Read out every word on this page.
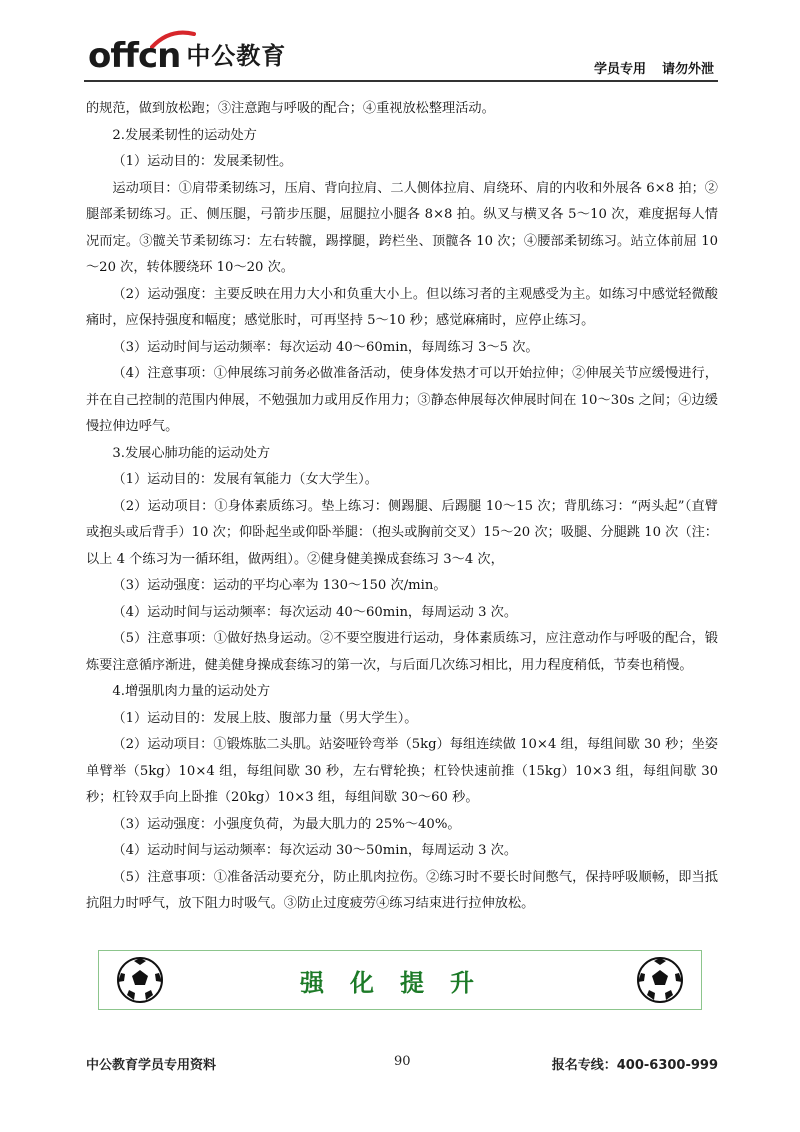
offcn 中公教育	学员专用 请勿外泄

的规范，做到放松跑；③注意跑与呼吸的配合；④重视放松整理活动。

2.发展柔韧性的运动处方

（1）运动目的：发展柔韧性。

运动项目：①肩带柔韧练习，压肩、背向拉肩、二人侧体拉肩、肩绕环、肩的内收和外展各 6×8 拍；②腿部柔韧练习。正、侧压腿，弓箭步压腿，屈腿拉小腿各 8×8 拍。纵叉与横叉各 5～10 次，难度据每人情况而定。③髋关节柔韧练习：左右转髋，踢撑腿，跨栏坐、顶髋各 10 次；④腰部柔韧练习。站立体前屈 10～20 次，转体腰绕环 10～20 次。

（2）运动强度：主要反映在用力大小和负重大小上。但以练习者的主观感受为主。如练习中感觉轻微酸痛时，应保持强度和幅度；感觉胀时，可再坚持 5～10 秒；感觉麻痛时，应停止练习。

（3）运动时间与运动频率：每次运动 40～60min，每周练习 3～5 次。

（4）注意事项：①伸展练习前务必做准备活动，使身体发热才可以开始拉伸；②伸展关节应缓慢进行，并在自己控制的范围内伸展，不勉强加力或用反作用力；③静态伸展每次伸展时间在 10～30s 之间；④边缓慢拉伸边呼气。

3.发展心肺功能的运动处方

（1）运动目的：发展有氧能力（女大学生）。

（2）运动项目：①身体素质练习。垫上练习：侧踢腿、后踢腿 10～15 次；背肌练习：“两头起”（直臂或抱头或后背手）10 次；仰卧起坐或仰卧举腿：（抱头或胸前交叉）15～20 次；吸腿、分腿跳 10 次（注：以上 4 个练习为一循环组，做两组）。②健身健美操成套练习 3～4 次，

（3）运动强度：运动的平均心率为 130～150 次/min。

（4）运动时间与运动频率：每次运动 40～60min，每周运动 3 次。

（5）注意事项：①做好热身运动。②不要空腹进行运动，身体素质练习，应注意动作与呼吸的配合，锻炼要注意循序渐进，健美健身操成套练习的第一次，与后面几次练习相比，用力程度稍低，节奏也稍慢。

4.增强肌肉力量的运动处方

（1）运动目的：发展上肢、腹部力量（男大学生）。

（2）运动项目：①锻炼肱二头肌。站姿哑铃弯举（5kg）每组连续做 10×4 组，每组间歇 30 秒；坐姿单臂举（5kg）10×4 组，每组间歇 30 秒，左右臂轮换；杠铃快速前推（15kg）10×3 组，每组间歇 30 秒；杠铃双手向上卧推（20kg）10×3 组，每组间歇 30～60 秒。

（3）运动强度：小强度负荷，为最大肌力的 25%～40%。

（4）运动时间与运动频率：每次运动 30～50min，每周运动 3 次。

（5）注意事项：①准备活动要充分，防止肌肉拉伤。②练习时不要长时间憋气，保持呼吸顺畅，即当抵抗阻力时呼气，放下阻力时吸气。③防止过度疲劳④练习结束进行拉伸放松。

强化提升
中公教育学员专用资料	90	报名专线：400-6300-999
